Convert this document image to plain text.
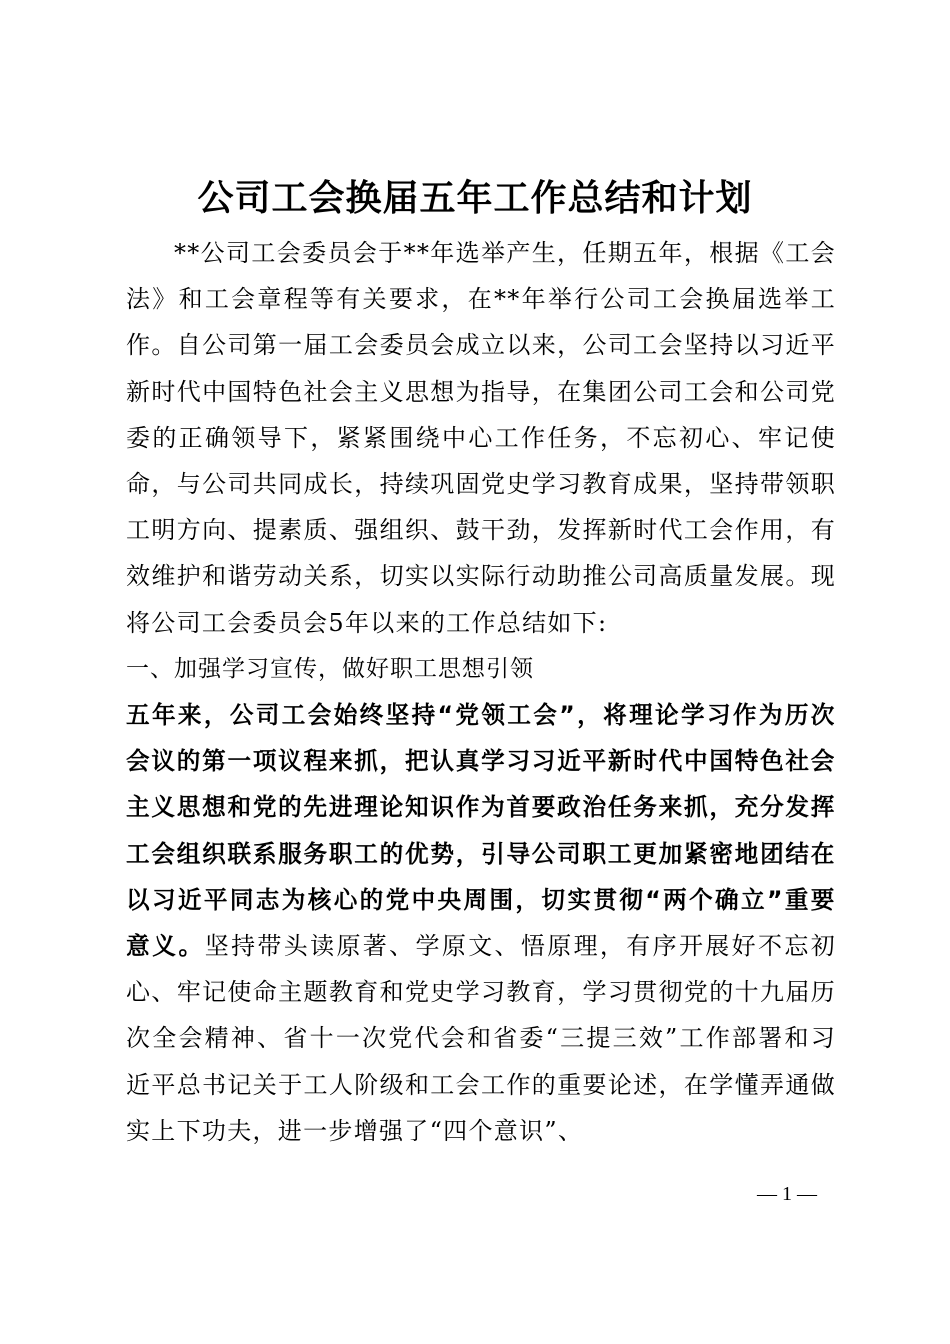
公司工会换届五年工作总结和计划

**公司工会委员会于**年选举产生，任期五年，根据《工会法》和工会章程等有关要求，在**年举行公司工会换届选举工作。自公司第一届工会委员会成立以来，公司工会坚持以习近平新时代中国特色社会主义思想为指导，在集团公司工会和公司党委的正确领导下，紧紧围绕中心工作任务，不忘初心、牢记使命，与公司共同成长，持续巩固党史学习教育成果，坚持带领职工明方向、提素质、强组织、鼓干劲，发挥新时代工会作用，有效维护和谐劳动关系，切实以实际行动助推公司高质量发展。现将公司工会委员会5年以来的工作总结如下:

一、加强学习宣传，做好职工思想引领

五年来，公司工会始终坚持“党领工会”，将理论学习作为历次会议的第一项议程来抓，把认真学习习近平新时代中国特色社会主义思想和党的先进理论知识作为首要政治任务来抓，充分发挥工会组织联系服务职工的优势，引导公司职工更加紧密地团结在以习近平同志为核心的党中央周围，切实贯彻“两个确立”重要意义。坚持带头读原著、学原文、悟原理，有序开展好不忘初心、牢记使命主题教育和党史学习教育，学习贯彻党的十九届历次全会精神、省十一次党代会和省委“三提三效”工作部署和习近平总书记关于工人阶级和工会工作的重要论述，在学懂弄通做实上下功夫，进一步增强了“四个意识”、

— 1 —
